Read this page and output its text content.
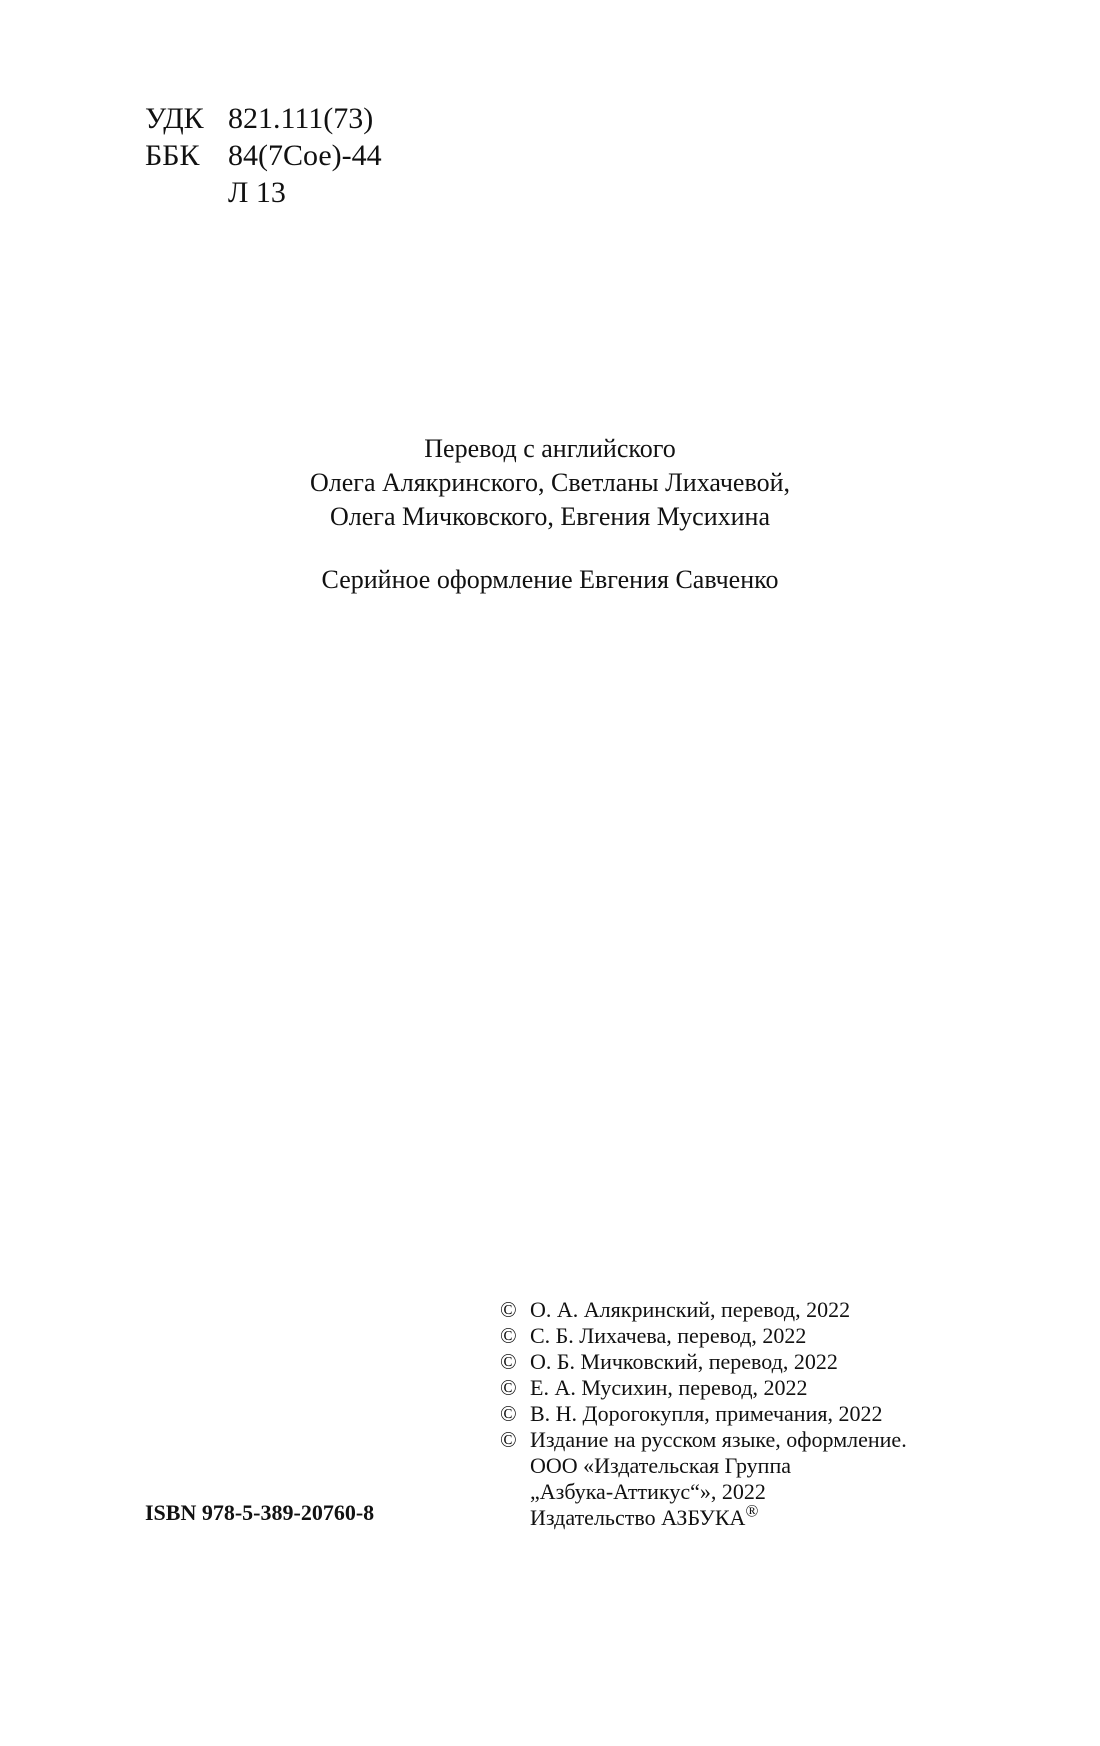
УДК 821.111(73)
ББК 84(7Сое)-44
Л 13
Перевод с английского
Олега Алякринского, Светланы Лихачевой,
Олега Мичковского, Евгения Мусихина
Серийное оформление Евгения Савченко
© О. А. Алякринский, перевод, 2022
© С. Б. Лихачева, перевод, 2022
© О. Б. Мичковский, перевод, 2022
© Е. А. Мусихин, перевод, 2022
© В. Н. Дорогокупля, примечания, 2022
© Издание на русском языке, оформление.
ООО «Издательская Группа
„Азбука-Аттикус“», 2022
Издательство АЗБУКА®
ISBN 978-5-389-20760-8
